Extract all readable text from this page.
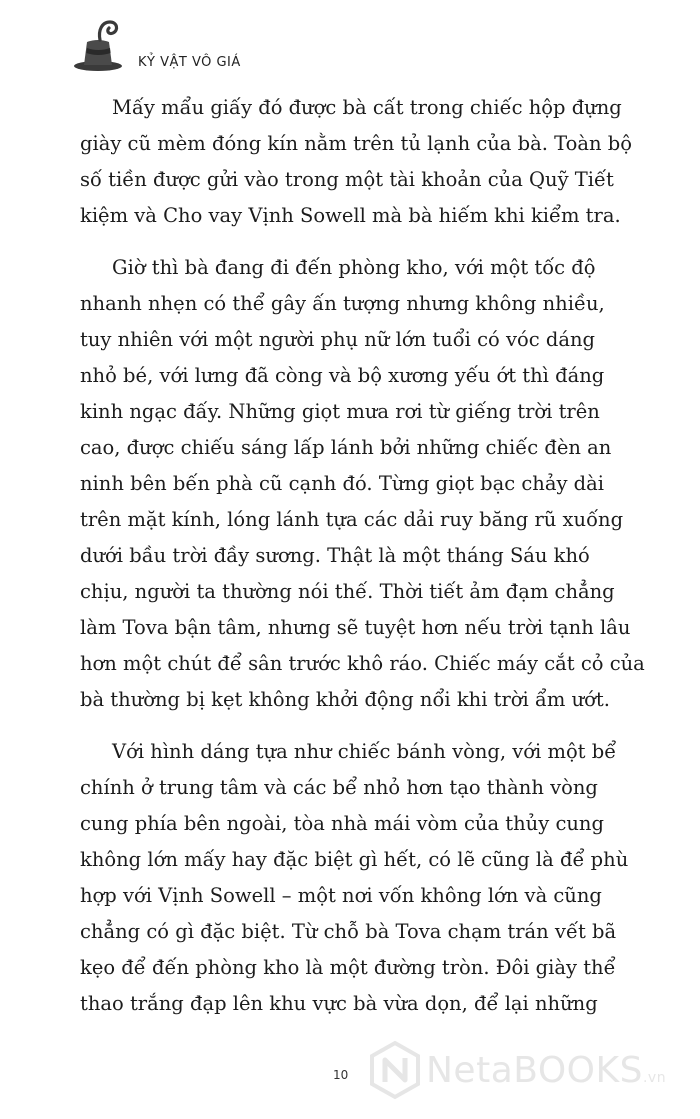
KỶ VẬT VÔ GIÁ

Mấy mẩu giấy đó được bà cất trong chiếc hộp đựng
giày cũ mèm đóng kín nằm trên tủ lạnh của bà. Toàn bộ
số tiền được gửi vào trong một tài khoản của Quỹ Tiết
kiệm và Cho vay Vịnh Sowell mà bà hiếm khi kiểm tra.

Giờ thì bà đang đi đến phòng kho, với một tốc độ
nhanh nhẹn có thể gây ấn tượng nhưng không nhiều,
tuy nhiên với một người phụ nữ lớn tuổi có vóc dáng
nhỏ bé, với lưng đã còng và bộ xương yếu ớt thì đáng
kinh ngạc đấy. Những giọt mưa rơi từ giếng trời trên
cao, được chiếu sáng lấp lánh bởi những chiếc đèn an
ninh bên bến phà cũ cạnh đó. Từng giọt bạc chảy dài
trên mặt kính, lóng lánh tựa các dải ruy băng rũ xuống
dưới bầu trời đầy sương. Thật là một tháng Sáu khó
chịu, người ta thường nói thế. Thời tiết ảm đạm chẳng
làm Tova bận tâm, nhưng sẽ tuyệt hơn nếu trời tạnh lâu
hơn một chút để sân trước khô ráo. Chiếc máy cắt cỏ của
bà thường bị kẹt không khởi động nổi khi trời ẩm ướt.

Với hình dáng tựa như chiếc bánh vòng, với một bể
chính ở trung tâm và các bể nhỏ hơn tạo thành vòng
cung phía bên ngoài, tòa nhà mái vòm của thủy cung
không lớn mấy hay đặc biệt gì hết, có lẽ cũng là để phù
hợp với Vịnh Sowell – một nơi vốn không lớn và cũng
chẳng có gì đặc biệt. Từ chỗ bà Tova chạm trán vết bã
kẹo để đến phòng kho là một đường tròn. Đôi giày thể
thao trắng đạp lên khu vực bà vừa dọn, để lại những

10 NetaBOOKS.vn
